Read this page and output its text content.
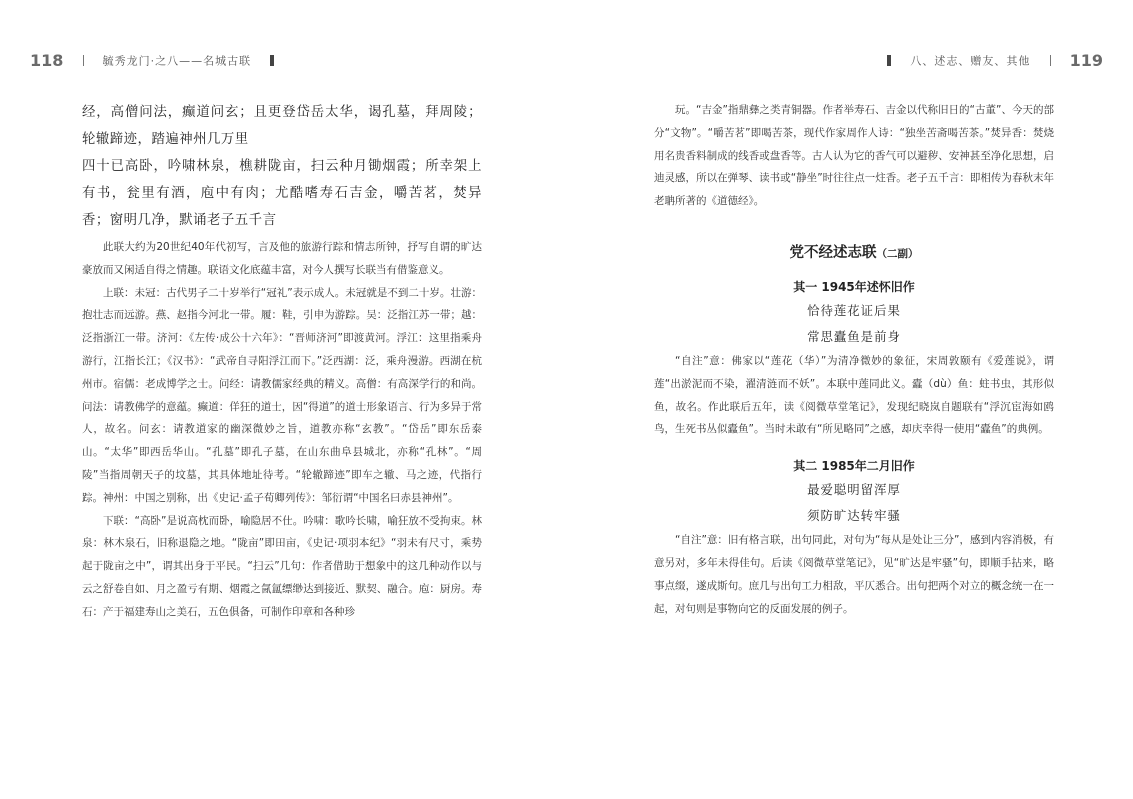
118	毓秀龙门·之八——名城古联	八、述志、赠友、其他 119

经，高僧问法，癫道问玄；且更登岱岳太华，谒孔墓，拜周陵；轮辙蹄迹，踏遍神州几万里

四十已高卧，吟啸林泉，樵耕陇亩，扫云种月锄烟霞；所幸架上有书，瓮里有酒，庖中有肉；尤酷嗜寿石吉金，嚼苦茗，焚异香；窗明几净，默诵老子五千言

此联大约为20世纪40年代初写，言及他的旅游行踪和情志所钟，抒写自谓的旷达豪放而又闲适自得之情趣。联语文化底蕴丰富，对今人撰写长联当有借鉴意义。

上联：未冠：古代男子二十岁举行“冠礼”表示成人。未冠就是不到二十岁。壮游：抱壮志而远游。燕、赵指今河北一带。履：鞋，引申为游踪。吴：泛指江苏一带；越：泛指浙江一带。济河：《左传·成公十六年》：“晋师济河”即渡黄河。浮江：这里指乘舟游行，江指长江；《汉书》：“武帝自寻阳浮江而下。”泛西湖：泛，乘舟漫游。西湖在杭州市。宿儒：老成博学之士。问经：请教儒家经典的精义。高僧：有高深学行的和尚。问法：请教佛学的意蕴。癫道：佯狂的道士，因“得道”的道士形象语言、行为多异于常人，故名。问玄：请教道家的幽深微妙之旨，道教亦称“玄教”。“岱岳”即东岳泰山。“太华”即西岳华山。“孔墓”即孔子墓，在山东曲阜县城北，亦称“孔林”。“周陵”当指周朝天子的坟墓，其具体地址待考。“轮辙蹄迹”即车之辙、马之迹，代指行踪。神州：中国之别称，出《史记·孟子荀卿列传》：邹衍谓“中国名曰赤县神州”。

下联：“高卧”是说高枕而卧，喻隐居不仕。吟啸：歌吟长啸，喻狂放不受拘束。林泉：林木泉石，旧称退隐之地。“陇亩”即田亩，《史记·项羽本纪》“羽未有尺寸，乘势起于陇亩之中”，谓其出身于平民。“扫云”几句：作者借助于想象中的这几种动作以与云之舒卷自如、月之盈亏有期、烟霞之氤氲缥缈达到接近、默契、融合。庖：厨房。寿石：产于福建寿山之美石，五色俱备，可制作印章和各种珍

玩。“吉金”指鼎彝之类青铜器。作者举寿石、吉金以代称旧日的“古董”、今天的部分“文物”。“嚼苦茗”即喝苦茶，现代作家周作人诗：“独坐苦斋喝苦茶。”焚异香：焚烧用名贵香料制成的线香或盘香等。古人认为它的香气可以避秽、安神甚至净化思想，启迪灵感，所以在弹琴、读书或“静坐”时往往点一炷香。老子五千言：即相传为春秋末年老聃所著的《道德经》。

党不经述志联（二副）

其一 1945年述怀旧作

恰待莲花证后果

常思蠹鱼是前身

“自注”意：佛家以“莲花（华）”为清净微妙的象征，宋周敦颐有《爱莲说》，谓莲“出淤泥而不染，濯清涟而不妖”。本联中莲同此义。蠹（dù）鱼：蛀书虫，其形似鱼，故名。作此联后五年，读《阅微草堂笔记》，发现纪晓岚自题联有“浮沉宦海如鸥鸟，生死书丛似蠹鱼”。当时未敢有“所见略同”之感，却庆幸得一使用“蠹鱼”的典例。

其二 1985年二月旧作

最爱聪明留浑厚

须防旷达转牢骚

“自注”意：旧有格言联，出句同此，对句为“每从是处让三分”，感到内容消极，有意另对，多年未得佳句。后读《阅微草堂笔记》，见“旷达是牢骚”句，即顺手拈来，略事点缀，遂成斯句。庶几与出句工力相敌，平仄悉合。出句把两个对立的概念统一在一起，对句则是事物向它的反面发展的例子。
